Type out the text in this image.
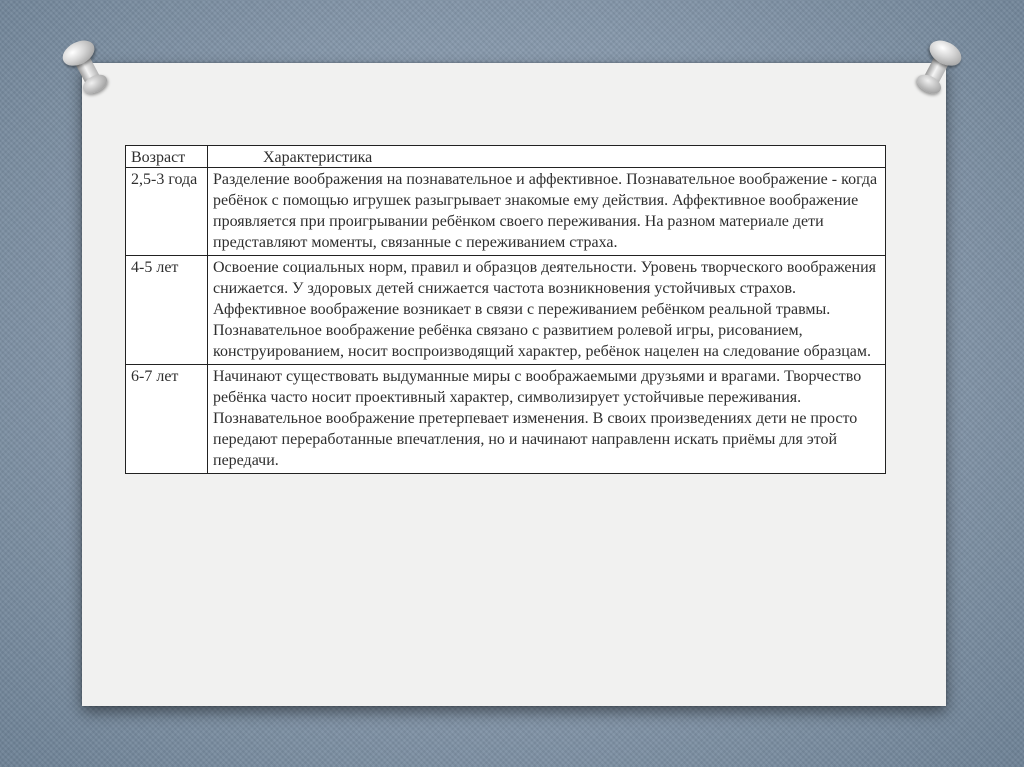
Возраст	Характеристика
2,5-3 года	Разделение воображения на познавательное и аффективное. Познавательное воображение - когда ребёнок с помощью игрушек разыгрывает знакомые ему действия. Аффективное воображение проявляется при проигрывании ребёнком своего переживания. На разном материале дети представляют моменты, связанные с переживанием страха.
4-5 лет	Освоение социальных норм, правил и образцов деятельности. Уровень творческого воображения снижается. У здоровых детей снижается частота возникновения устойчивых страхов. Аффективное воображение возникает в связи с переживанием ребёнком реальной травмы. Познавательное воображение ребёнка связано с развитием ролевой игры, рисованием, конструированием, носит воспроизводящий характер, ребёнок нацелен на следование образцам.
6-7 лет	Начинают существовать выдуманные миры с воображаемыми друзьями и врагами. Творчество ребёнка часто носит проективный характер, символизирует устойчивые переживания. Познавательное воображение претерпевает изменения. В своих произведениях дети не просто передают переработанные впечатления, но и начинают направленн искать приёмы для этой передачи.
